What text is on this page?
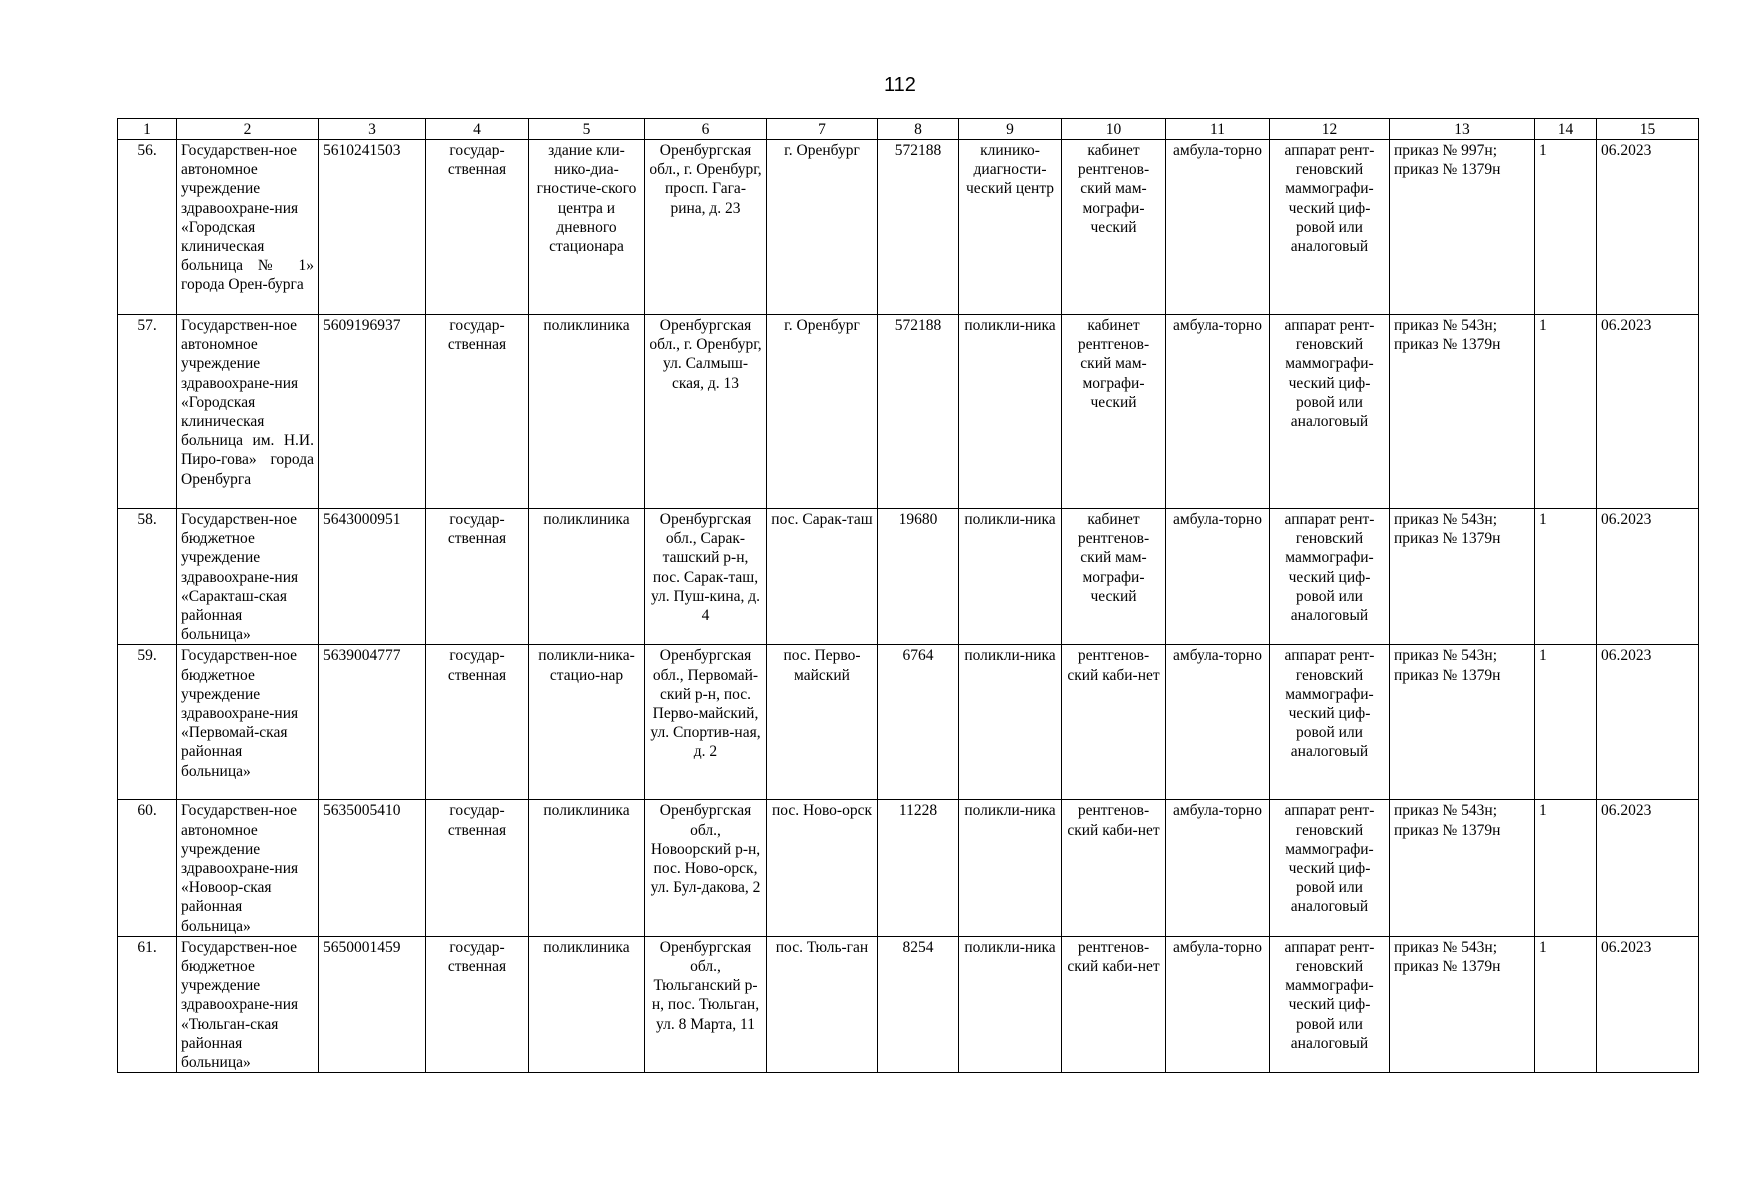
112
1	2	3	4	5	6	7	8	9	10	11	12	13	14	15
56.	Государствен-ное автономное учреждение здравоохране-ния «Городская клиническая больница № 1» города Орен-бурга	5610241503	государ-ственная	здание кли-нико-диа-гностиче-ского центра и дневного стационара	Оренбургская обл., г. Оренбург, просп. Гага-рина, д. 23	г. Оренбург	572188	клинико-диагности-ческий центр	кабинет рентгенов-ский мам-мографи-ческий	амбула-торно	аппарат рент-геновский маммографи-ческий циф-ровой или аналоговый	приказ № 997н; приказ № 1379н	1	06.2023
57.	Государствен-ное автономное учреждение здравоохране-ния «Городская клиническая больница им. Н.И. Пиро-гова» города Оренбурга	5609196937	государ-ственная	поликлиника	Оренбургская обл., г. Оренбург, ул. Салмыш-ская, д. 13	г. Оренбург	572188	поликли-ника	кабинет рентгенов-ский мам-мографи-ческий	амбула-торно	аппарат рент-геновский маммографи-ческий циф-ровой или аналоговый	приказ № 543н; приказ № 1379н	1	06.2023
58.	Государствен-ное бюджетное учреждение здравоохране-ния «Саракташ-ская районная больница»	5643000951	государ-ственная	поликлиника	Оренбургская обл., Сарак-ташский р-н, пос. Сарак-таш, ул. Пуш-кина, д. 4	пос. Сарак-таш	19680	поликли-ника	кабинет рентгенов-ский мам-мографи-ческий	амбула-торно	аппарат рент-геновский маммографи-ческий циф-ровой или аналоговый	приказ № 543н; приказ № 1379н	1	06.2023
59.	Государствен-ное бюджетное учреждение здравоохране-ния «Первомай-ская районная больница»	5639004777	государ-ственная	поликли-ника-стацио-нар	Оренбургская обл., Первомай-ский р-н, пос. Перво-майский, ул. Спортив-ная, д. 2	пос. Перво-майский	6764	поликли-ника	рентгенов-ский каби-нет	амбула-торно	аппарат рент-геновский маммографи-ческий циф-ровой или аналоговый	приказ № 543н; приказ № 1379н	1	06.2023
60.	Государствен-ное автономное учреждение здравоохране-ния «Новоор-ская районная больница»	5635005410	государ-ственная	поликлиника	Оренбургская обл., Новоорский р-н, пос. Ново-орск, ул. Бул-дакова, 2	пос. Ново-орск	11228	поликли-ника	рентгенов-ский каби-нет	амбула-торно	аппарат рент-геновский маммографи-ческий циф-ровой или аналоговый	приказ № 543н; приказ № 1379н	1	06.2023
61.	Государствен-ное бюджетное учреждение здравоохране-ния «Тюльган-ская районная больница»	5650001459	государ-ственная	поликлиника	Оренбургская обл., Тюльганский р-н, пос. Тюльган, ул. 8 Марта, 11	пос. Тюль-ган	8254	поликли-ника	рентгенов-ский каби-нет	амбула-торно	аппарат рент-геновский маммографи-ческий циф-ровой или аналоговый	приказ № 543н; приказ № 1379н	1	06.2023
